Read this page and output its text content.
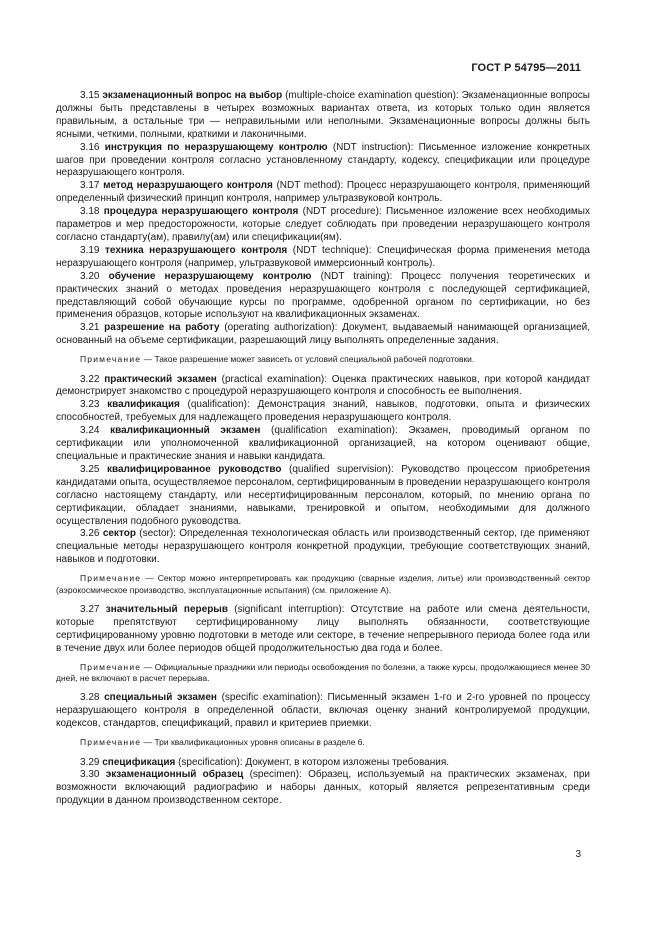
ГОСТ Р 54795—2011

3.15 экзаменационный вопрос на выбор (multiple-choice examination question): Экзаменационные вопросы должны быть представлены в четырех возможных вариантах ответа, из которых только один является правильным, а остальные три — неправильными или неполными. Экзаменационные вопросы должны быть ясными, четкими, полными, краткими и лаконичными.

3.16 инструкция по неразрушающему контролю (NDT instruction): Письменное изложение конкретных шагов при проведении контроля согласно установленному стандарту, кодексу, спецификации или процедуре неразрушающего контроля.

3.17 метод неразрушающего контроля (NDT method): Процесс неразрушающего контроля, применяющий определенный физический принцип контроля, например ультразвуковой контроль.

3.18 процедура неразрушающего контроля (NDT procedure): Письменное изложение всех необходимых параметров и мер предосторожности, которые следует соблюдать при проведении неразрушающего контроля согласно стандарту(ам), правилу(ам) или спецификации(ям).

3.19 техника неразрушающего контроля (NDT technique): Специфическая форма применения метода неразрушающего контроля (например, ультразвуковой иммерсионный контроль).

3.20 обучение неразрушающему контролю (NDT training): Процесс получения теоретических и практических знаний о методах проведения неразрушающего контроля с последующей сертификацией, представляющий собой обучающие курсы по программе, одобренной органом по сертификации, но без применения образцов, которые используют на квалификационных экзаменах.

3.21 разрешение на работу (operating authorization): Документ, выдаваемый нанимающей организацией, основанный на объеме сертификации, разрешающий лицу выполнять определенные задания.

Примечание — Такое разрешение может зависеть от условий специальной рабочей подготовки.

3.22 практический экзамен (practical examination): Оценка практических навыков, при которой кандидат демонстрирует знакомство с процедурой неразрушающего контроля и способность ее выполнения.

3.23 квалификация (qualification): Демонстрация знаний, навыков, подготовки, опыта и физических способностей, требуемых для надлежащего проведения неразрушающего контроля.

3.24 квалификационный экзамен (qualification examination): Экзамен, проводимый органом по сертификации или уполномоченной квалификационной организацией, на котором оценивают общие, специальные и практические знания и навыки кандидата.

3.25 квалифицированное руководство (qualified supervision): Руководство процессом приобретения кандидатами опыта, осуществляемое персоналом, сертифицированным в проведении неразрушающего контроля согласно настоящему стандарту, или несертифицированным персоналом, который, по мнению органа по сертификации, обладает знаниями, навыками, тренировкой и опытом, необходимыми для должного осуществления подобного руководства.

3.26 сектор (sector): Определенная технологическая область или производственный сектор, где применяют специальные методы неразрушающего контроля конкретной продукции, требующие соответствующих знаний, навыков и подготовки.

Примечание — Сектор можно интерпретировать как продукцию (сварные изделия, литье) или производственный сектор (аэрокосмическое производство, эксплуатационные испытания) (см. приложение А).

3.27 значительный перерыв (significant interruption): Отсутствие на работе или смена деятельности, которые препятствуют сертифицированному лицу выполнять обязанности, соответствующие сертифицированному уровню подготовки в методе или секторе, в течение непрерывного периода более года или в течение двух или более периодов общей продолжительностью два года и более.

Примечание — Официальные праздники или периоды освобождения по болезни, а также курсы, продолжающиеся менее 30 дней, не включают в расчет перерыва.

3.28 специальный экзамен (specific examination): Письменный экзамен 1-го и 2-го уровней по процессу неразрушающего контроля в определенной области, включая оценку знаний контролируемой продукции, кодексов, стандартов, спецификаций, правил и критериев приемки.

Примечание — Три квалификационных уровня описаны в разделе 6.

3.29 спецификация (specification): Документ, в котором изложены требования.

3.30 экзаменационный образец (specimen): Образец, используемый на практических экзаменах, при возможности включающий радиографию и наборы данных, который является репрезентативным среди продукции в данном производственном секторе.

3
